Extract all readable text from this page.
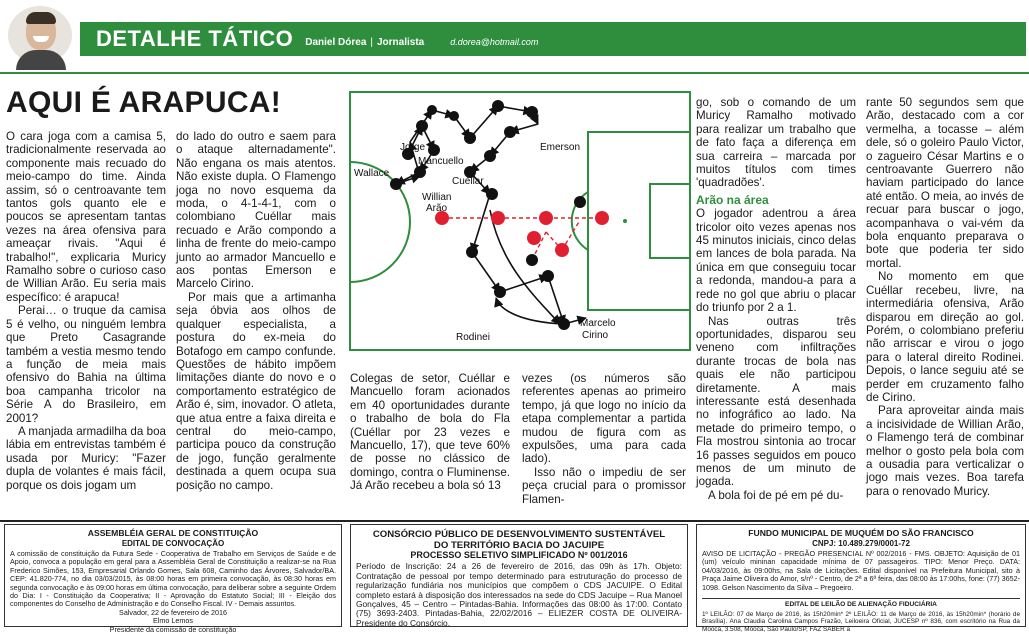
DETALHE TÁTICO Daniel Dórea | Jornalista	d.dorea@hotmail.com
AQUI É ARAPUCA!

O cara joga com a camisa 5, tradicionalmente reservada ao componente mais recuado do meio-campo do time. Ainda assim, só o centroavante tem tantos gols quanto ele e poucos se apresentam tantas vezes na área ofensiva para ameaçar rivais. "Aqui é trabalho!", explicaria Muricy Ramalho sobre o curioso caso de Willian Arão. Eu seria mais específico: é arapuca!

Perai… o truque da camisa 5 é velho, ou ninguém lembra que Preto Casagrande também a vestia mesmo tendo a função de meia mais ofensivo do Bahia na última boa campanha tricolor na Série A do Brasileiro, em 2001?

A manjada armadilha da boa lábia em entrevistas também é usada por Muricy: "Fazer dupla de volantes é mais fácil, porque os dois jogam um

do lado do outro e saem para o ataque alternadamente". Não engana os mais atentos. Não existe dupla. O Flamengo joga no novo esquema da moda, o 4-1-4-1, com o colombiano Cuéllar mais recuado e Arão compondo a linha de frente do meio-campo junto ao armador Mancuello e aos pontas Emerson e Marcelo Cirino.

Por mais que a artimanha seja óbvia aos olhos de qualquer especialista, a postura do ex-meia do Botafogo em campo confunde. Questões de hábito impõem limitações diante do novo e o comportamento estratégico de Arão é, sim, inovador. O atleta, que atua entre a faixa direita e central do meio-campo, participa pouco da construção de jogo, função geralmente destinada a quem ocupa sua posição no campo.

Jorge
Mancuello
Emerson
Wallace
Cuéllar
Willian
Arão
Rodinei
Marcelo
Cirino

Colegas de setor, Cuéllar e Mancuello foram acionados em 40 oportunidades durante o trabalho de bola do Fla (Cuéllar por 23 vezes e Mancuello, 17), que teve 60% de posse no clássico de domingo, contra o Fluminense. Já Arão recebeu a bola só 13

vezes (os números são referentes apenas ao primeiro tempo, já que logo no início da etapa complementar a partida mudou de figura com as expulsões, uma para cada lado).

Isso não o impediu de ser peça crucial para o promissor Flamen-

go, sob o comando de um Muricy Ramalho motivado para realizar um trabalho que de fato faça a diferença em sua carreira – marcada por muitos títulos com times 'quadradões'.

Arão na área

O jogador adentrou a área tricolor oito vezes apenas nos 45 minutos iniciais, cinco delas em lances de bola parada. Na única em que conseguiu tocar a redonda, mandou-a para a rede no gol que abriu o placar do triunfo por 2 a 1.

Nas outras três oportunidades, disparou seu veneno com infiltrações durante trocas de bola nas quais ele não participou diretamente. A mais interessante está desenhada no infográfico ao lado. Na metade do primeiro tempo, o Fla mostrou sintonia ao trocar 16 passes seguidos em pouco menos de um minuto de jogada.

A bola foi de pé em pé du-

rante 50 segundos sem que Arão, destacado com a cor vermelha, a tocasse – além dele, só o goleiro Paulo Victor, o zagueiro César Martins e o centroavante Guerrero não haviam participado do lance até então. O meia, ao invés de recuar para buscar o jogo, acompanhava o vai-vém da bola enquanto preparava o bote que poderia ter sido mortal.

No momento em que Cuéllar recebeu, livre, na intermediária ofensiva, Arão disparou em direção ao gol. Porém, o colombiano preferiu não arriscar e virou o jogo para o lateral direito Rodinei. Depois, o lance seguiu até se perder em cruzamento falho de Cirino.

Para aproveitar ainda mais a incisividade de Willian Arão, o Flamengo terá de combinar melhor o gosto pela bola com a ousadia para verticalizar o jogo mais vezes. Boa tarefa para o renovado Muricy.

ASSEMBLÉIA GERAL DE CONSTITUIÇÃO
EDITAL DE CONVOCAÇÃO
A comissão de constituição da Futura Sede - Cooperativa de Trabalho em Serviços de Saúde e de Apoio, convoca a população em geral para a Assembléia Geral de Constituição a realizar-se na Rua Frederico Simões, 153, Empresarial Orlando Gomes, Sala 608, Caminho das Árvores, Salvador/BA. CEP: 41.820-774, no dia 03/03/2015, às 08:00 horas em primeira convocação, às 08:30 horas em segunda convocação e às 09:00 horas em última convocação, para deliberar sobre a seguinte Ordem do Dia: I - Constituição da Cooperativa; II - Aprovação do Estatuto Social; III - Eleição dos componentes do Conselho de Administração e do Conselho Fiscal. IV - Demais assuntos.
Salvador, 22 de fevereiro de 2016
Elmo Lemos
Presidente da comissão de constituição
CONSÓRCIO PÚBLICO DE DESENVOLVIMENTO SUSTENTÁVEL
DO TERRITÓRIO BACIA DO JACUIPE
PROCESSO SELETIVO SIMPLIFICADO Nº 001/2016
Período de Inscrição: 24 a 26 de fevereiro de 2016, das 09h às 17h. Objeto: Contratação de pessoal por tempo determinado para estruturação do processo de regularização fundiária nos municípios que compõem o CDS JACUIPE. O Edital completo estará à disposição dos interessados na sede do CDS Jacuipe – Rua Manoel Gonçalves, 45 – Centro – Pintadas-Bahia. Informações das 08:00 às 17:00. Contato (75) 3693-2403. Pintadas-Bahia, 22/02/2016 – ELIEZER COSTA DE OLIVEIRA-Presidente do Consórcio.
FUNDO MUNICIPAL DE MUQUÉM DO SÃO FRANCISCO
CNPJ: 10.489.279/0001-72
AVISO DE LICITAÇÃO - PREGÃO PRESENCIAL Nº 002/2016 - FMS. OBJETO: Aquisição de 01 (um) veículo mininan capacidade mínima de 07 passageiros. TIPO: Menor Preço. DATA: 04/03/2016, às 09:00hs, na Sala de Licitações. Edital disponível na Prefeitura Municipal, sito à Praça Jaime Oliveira do Amor, s/nº - Centro, de 2ª a 6ª feira, das 08:00 às 17:00hs, fone: (77) 3652-1098. Gelson Nascimento da Silva – Pregoeiro.
EDITAL DE LEILÃO DE ALIENAÇÃO FIDUCIÁRIA
1º LEILÃO: 07 de Março de 2016, às 15h20min* 2º LEILÃO: 11 de Março de 2016, às 15h20min* (horário de Brasília). Ana Claudia Carolina Campos Frazão, Leiloeira Oficial, JUCESP nº 836, com escritório na Rua da Mooca, 3.508, Mooca, São Paulo/SP, FAZ SABER a
